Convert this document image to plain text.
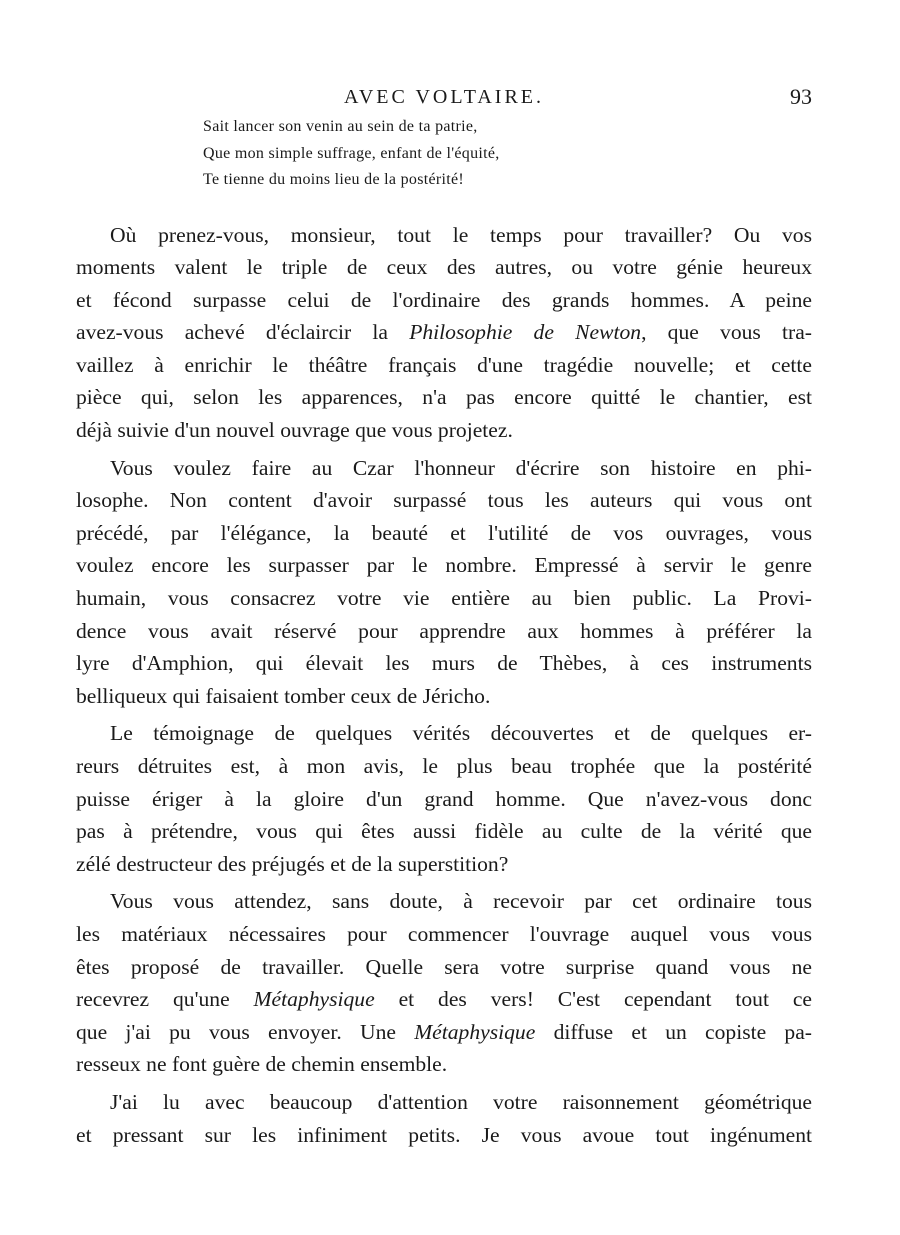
AVEC VOLTAIRE.	93
Sait lancer son venin au sein de ta patrie,
Que mon simple suffrage, enfant de l'équité,
Te tienne du moins lieu de la postérité!
Où prenez-vous, monsieur, tout le temps pour travailler? Ou vos
moments valent le triple de ceux des autres, ou votre génie heureux
et fécond surpasse celui de l'ordinaire des grands hommes. A peine
avez-vous achevé d'éclaircir la Philosophie de Newton, que vous tra-
vaillez à enrichir le théâtre français d'une tragédie nouvelle; et cette
pièce qui, selon les apparences, n'a pas encore quitté le chantier, est
déjà suivie d'un nouvel ouvrage que vous projetez.
Vous voulez faire au Czar l'honneur d'écrire son histoire en phi-
losophe. Non content d'avoir surpassé tous les auteurs qui vous ont
précédé, par l'élégance, la beauté et l'utilité de vos ouvrages, vous
voulez encore les surpasser par le nombre. Empressé à servir le genre
humain, vous consacrez votre vie entière au bien public. La Provi-
dence vous avait réservé pour apprendre aux hommes à préférer la
lyre d'Amphion, qui élevait les murs de Thèbes, à ces instruments
belliqueux qui faisaient tomber ceux de Jéricho.
Le témoignage de quelques vérités découvertes et de quelques er-
reurs détruites est, à mon avis, le plus beau trophée que la postérité
puisse ériger à la gloire d'un grand homme. Que n'avez-vous donc
pas à prétendre, vous qui êtes aussi fidèle au culte de la vérité que
zélé destructeur des préjugés et de la superstition?
Vous vous attendez, sans doute, à recevoir par cet ordinaire tous
les matériaux nécessaires pour commencer l'ouvrage auquel vous vous
êtes proposé de travailler. Quelle sera votre surprise quand vous ne
recevrez qu'une Métaphysique et des vers! C'est cependant tout ce
que j'ai pu vous envoyer. Une Métaphysique diffuse et un copiste pa-
resseux ne font guère de chemin ensemble.
J'ai lu avec beaucoup d'attention votre raisonnement géométrique
et pressant sur les infiniment petits. Je vous avoue tout ingénument
